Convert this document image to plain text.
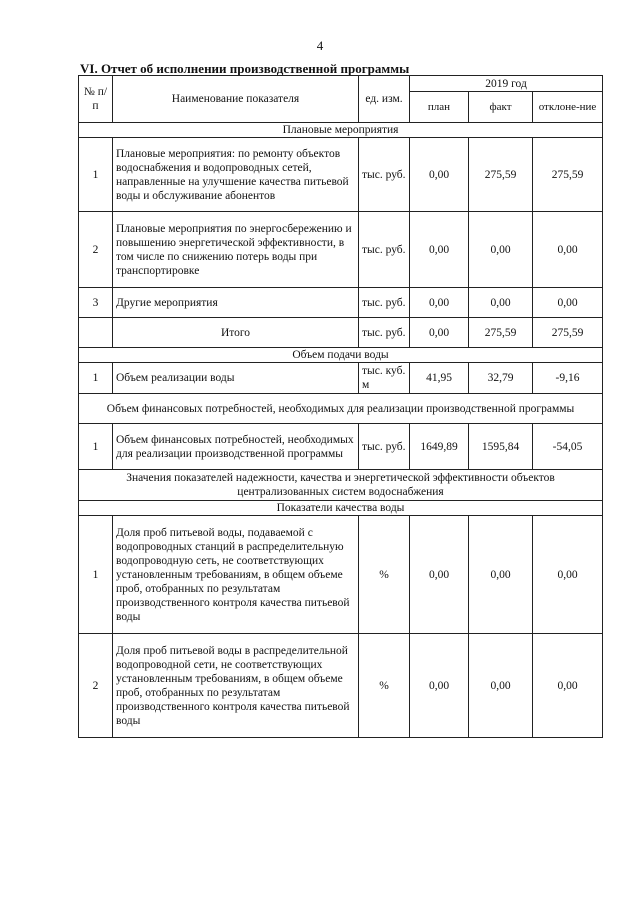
4
VI. Отчет об исполнении производственной программы
№ п/п	Наименование показателя	ед. изм.	2019 год		
			план	факт	отклоне-ние
Плановые мероприятия					
1	Плановые мероприятия: по ремонту объектов водоснабжения и водопроводных сетей, направленные на улучшение качества питьевой воды и обслуживание абонентов	тыс. руб.	0,00	275,59	275,59
2	Плановые мероприятия по энергосбережению и повышению энергетической эффективности, в том числе по снижению потерь воды при транспортировке	тыс. руб.	0,00	0,00	0,00
3	Другие мероприятия	тыс. руб.	0,00	0,00	0,00
	Итого	тыс. руб.	0,00	275,59	275,59
Объем подачи воды					
1	Объем реализации воды	тыс. куб. м	41,95	32,79	-9,16
Объем финансовых потребностей, необходимых для реализации производственной программы					
1	Объем финансовых потребностей, необходимых для реализации производственной программы	тыс. руб.	1649,89	1595,84	-54,05
Значения показателей надежности, качества и энергетической эффективности объектов централизованных систем водоснабжения					
Показатели качества воды					
1	Доля проб питьевой воды, подаваемой с водопроводных станций в распределительную водопроводную сеть, не соответствующих установленным требованиям, в общем объеме проб, отобранных по результатам производственного контроля качества питьевой воды	%	0,00	0,00	0,00
2	Доля проб питьевой воды в распределительной водопроводной сети, не соответствующих установленным требованиям, в общем объеме проб, отобранных по результатам производственного контроля качества питьевой воды	%	0,00	0,00	0,00
